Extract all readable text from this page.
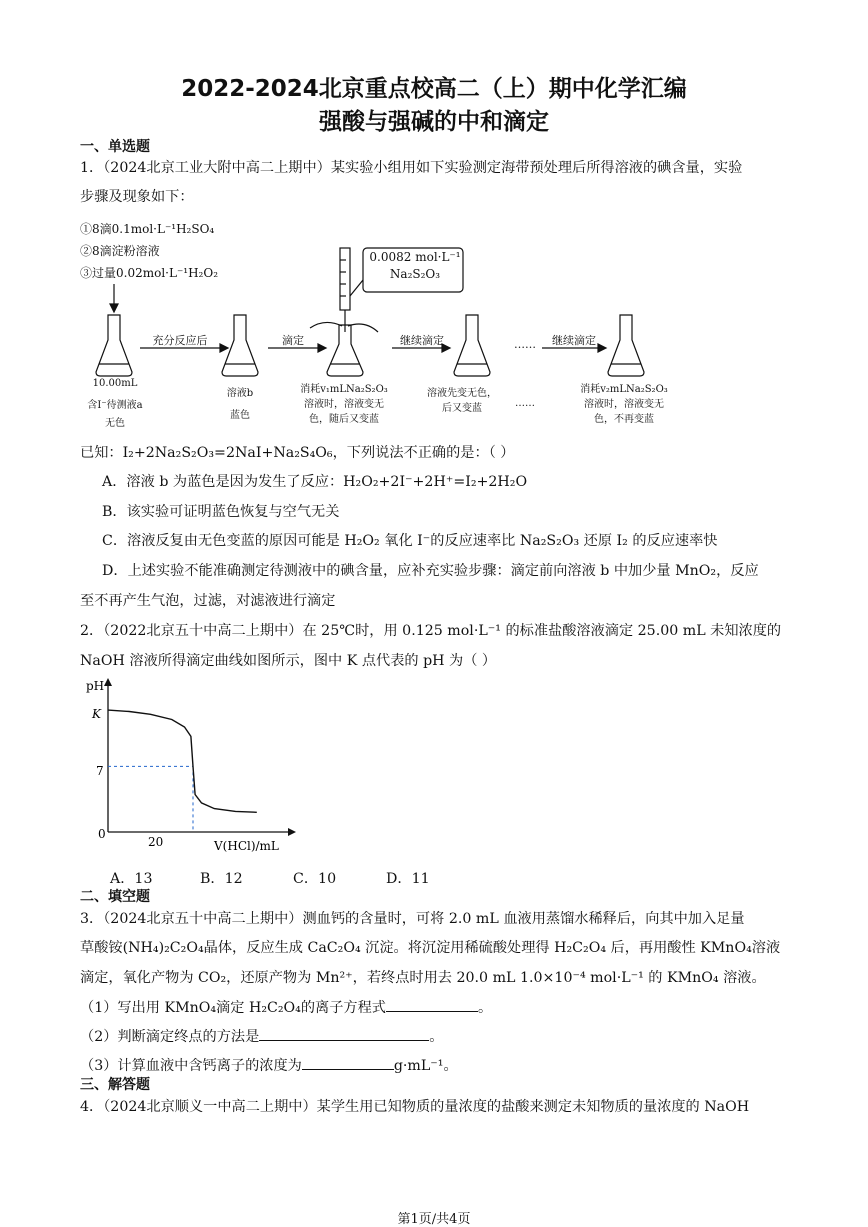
2022-2024北京重点校高二（上）期中化学汇编
强酸与强碱的中和滴定
一、单选题
1．（2024北京工业大附中高二上期中）某实验小组用如下实验测定海带预处理后所得溶液的碘含量，实验
步骤及现象如下：
①8滴0.1mol·L⁻¹H₂SO₄
②8滴淀粉溶液
③过量0.02mol·L⁻¹H₂O₂
0.0082 mol·L⁻¹
Na₂S₂O₃
充分反应后	滴定	继续滴定	……	继续滴定
10.00mL
含I⁻待测液a
无色
溶液b
蓝色
消耗v₁mLNa₂S₂O₃
溶液时，溶液变无
色，随后又变蓝
溶液先变无色，
后又变蓝	……
消耗v₂mLNa₂S₂O₃
溶液时，溶液变无
色，不再变蓝
已知：I₂+2Na₂S₂O₃=2NaI+Na₂S₄O₆，下列说法不正确的是：（ ）
A．溶液 b 为蓝色是因为发生了反应：H₂O₂+2I⁻+2H⁺=I₂+2H₂O
B．该实验可证明蓝色恢复与空气无关
C．溶液反复由无色变蓝的原因可能是 H₂O₂ 氧化 I⁻的反应速率比 Na₂S₂O₃ 还原 I₂ 的反应速率快
D．上述实验不能准确测定待测液中的碘含量，应补充实验步骤：滴定前向溶液 b 中加少量 MnO₂，反应
至不再产生气泡，过滤，对滤液进行滴定
2．（2022北京五十中高二上期中）在 25℃时，用 0.125 mol·L⁻¹ 的标准盐酸溶液滴定 25.00 mL 未知浓度的
NaOH 溶液所得滴定曲线如图所示，图中 K 点代表的 pH 为（ ）
pH
V(HCl)/mL
K
7
0
20
A．13	B．12	C．10	D．11
二、填空题
3．（2024北京五十中高二上期中）测血钙的含量时，可将 2.0 mL 血液用蒸馏水稀释后，向其中加入足量
草酸铵(NH₄)₂C₂O₄晶体，反应生成 CaC₂O₄ 沉淀。将沉淀用稀硫酸处理得 H₂C₂O₄ 后，再用酸性 KMnO₄溶液
滴定，氧化产物为 CO₂，还原产物为 Mn²⁺，若终点时用去 20.0 mL 1.0×10⁻⁴ mol·L⁻¹ 的 KMnO₄ 溶液。
（1）写出用 KMnO₄滴定 H₂C₂O₄的离子方程式	。
（2）判断滴定终点的方法是	。
（3）计算血液中含钙离子的浓度为	g·mL⁻¹。
三、解答题
4．（2024北京顺义一中高二上期中）某学生用已知物质的量浓度的盐酸来测定未知物质的量浓度的 NaOH
第1页/共4页
